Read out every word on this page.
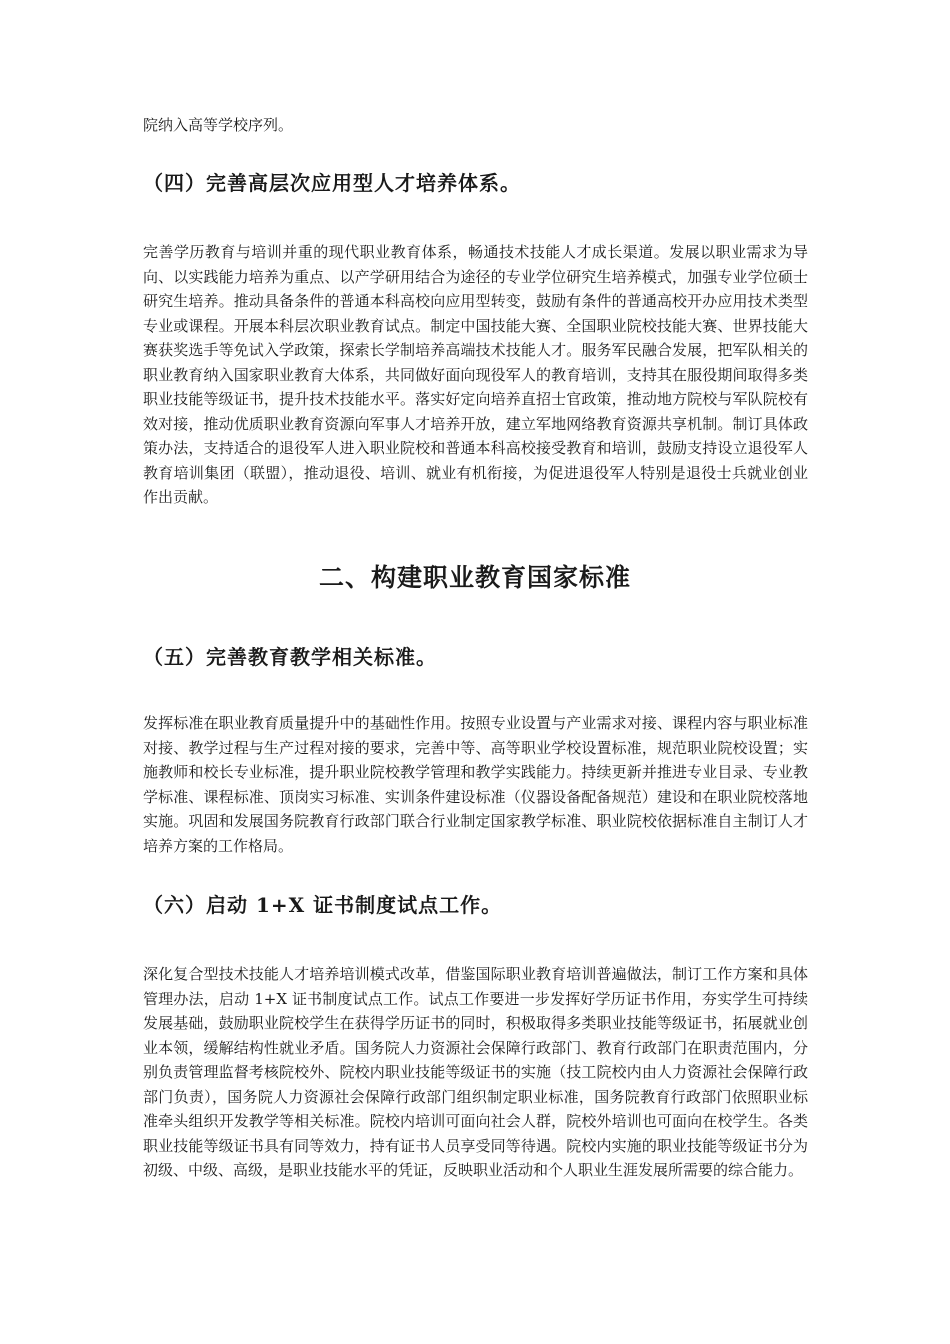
院纳入高等学校序列。

（四）完善高层次应用型人才培养体系。

完善学历教育与培训并重的现代职业教育体系，畅通技术技能人才成长渠道。发展以职业需求为导向、以实践能力培养为重点、以产学研用结合为途径的专业学位研究生培养模式，加强专业学位硕士研究生培养。推动具备条件的普通本科高校向应用型转变，鼓励有条件的普通高校开办应用技术类型专业或课程。开展本科层次职业教育试点。制定中国技能大赛、全国职业院校技能大赛、世界技能大赛获奖选手等免试入学政策，探索长学制培养高端技术技能人才。服务军民融合发展，把军队相关的职业教育纳入国家职业教育大体系，共同做好面向现役军人的教育培训，支持其在服役期间取得多类职业技能等级证书，提升技术技能水平。落实好定向培养直招士官政策，推动地方院校与军队院校有效对接，推动优质职业教育资源向军事人才培养开放，建立军地网络教育资源共享机制。制订具体政策办法，支持适合的退役军人进入职业院校和普通本科高校接受教育和培训，鼓励支持设立退役军人教育培训集团（联盟），推动退役、培训、就业有机衔接，为促进退役军人特别是退役士兵就业创业作出贡献。

二、构建职业教育国家标准
（五）完善教育教学相关标准。

发挥标准在职业教育质量提升中的基础性作用。按照专业设置与产业需求对接、课程内容与职业标准对接、教学过程与生产过程对接的要求，完善中等、高等职业学校设置标准，规范职业院校设置；实施教师和校长专业标准，提升职业院校教学管理和教学实践能力。持续更新并推进专业目录、专业教学标准、课程标准、顶岗实习标准、实训条件建设标准（仪器设备配备规范）建设和在职业院校落地实施。巩固和发展国务院教育行政部门联合行业制定国家教学标准、职业院校依据标准自主制订人才培养方案的工作格局。

（六）启动 1+X 证书制度试点工作。

深化复合型技术技能人才培养培训模式改革，借鉴国际职业教育培训普遍做法，制订工作方案和具体管理办法，启动 1+X 证书制度试点工作。试点工作要进一步发挥好学历证书作用，夯实学生可持续发展基础，鼓励职业院校学生在获得学历证书的同时，积极取得多类职业技能等级证书，拓展就业创业本领，缓解结构性就业矛盾。国务院人力资源社会保障行政部门、教育行政部门在职责范围内，分别负责管理监督考核院校外、院校内职业技能等级证书的实施（技工院校内由人力资源社会保障行政部门负责），国务院人力资源社会保障行政部门组织制定职业标准，国务院教育行政部门依照职业标准牵头组织开发教学等相关标准。院校内培训可面向社会人群，院校外培训也可面向在校学生。各类职业技能等级证书具有同等效力，持有证书人员享受同等待遇。院校内实施的职业技能等级证书分为初级、中级、高级，是职业技能水平的凭证，反映职业活动和个人职业生涯发展所需要的综合能力。
